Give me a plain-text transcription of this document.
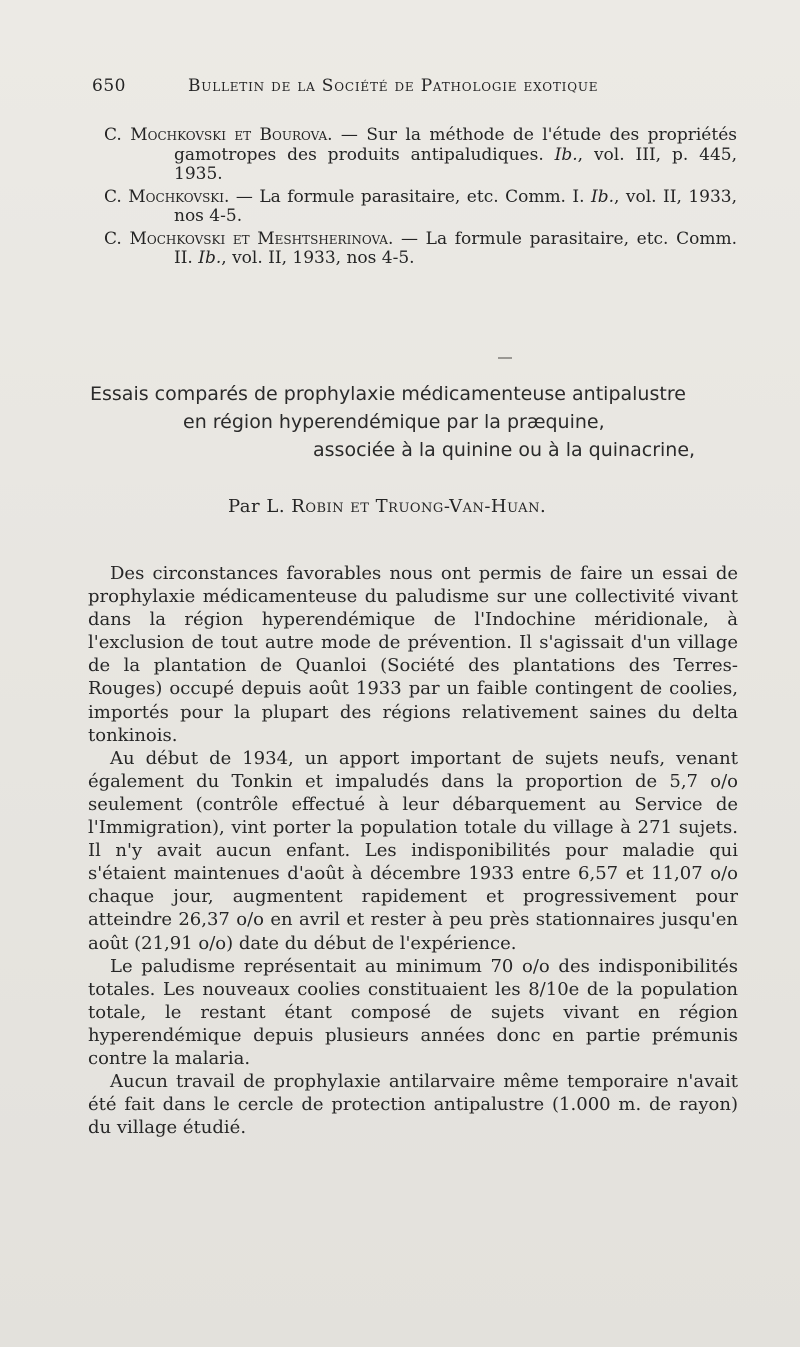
650	Bulletin de la Société de Pathologie exotique

C. Mochkovski et Bourova. — Sur la méthode de l'étude des propriétés gamotropes des produits antipaludiques. Ib., vol. III, p. 445, 1935.

C. Mochkovski. — La formule parasitaire, etc. Comm. I. Ib., vol. II, 1933, nos 4-5.

C. Mochkovski et Meshtsherinova. — La formule parasitaire, etc. Comm. II. Ib., vol. II, 1933, nos 4-5.

Essais comparés de prophylaxie médicamenteuse antipalustre
en région hyperendémique par la præquine,
associée à la quinine ou à la quinacrine,
Par L. Robin et Truong-Van-Huan.

Des circonstances favorables nous ont permis de faire un essai de prophylaxie médicamenteuse du paludisme sur une collectivité vivant dans la région hyperendémique de l'Indochine méridionale, à l'exclusion de tout autre mode de prévention. Il s'agissait d'un village de la plantation de Quanloi (Société des plantations des Terres-Rouges) occupé depuis août 1933 par un faible contingent de coolies, importés pour la plupart des régions relativement saines du delta tonkinois.

Au début de 1934, un apport important de sujets neufs, venant également du Tonkin et impaludés dans la proportion de 5,7 o/o seulement (contrôle effectué à leur débarquement au Service de l'Immigration), vint porter la population totale du village à 271 sujets. Il n'y avait aucun enfant. Les indisponibilités pour maladie qui s'étaient maintenues d'août à décembre 1933 entre 6,57 et 11,07 o/o chaque jour, augmentent rapidement et progressivement pour atteindre 26,37 o/o en avril et rester à peu près stationnaires jusqu'en août (21,91 o/o) date du début de l'expérience.

Le paludisme représentait au minimum 70 o/o des indisponibilités totales. Les nouveaux coolies constituaient les 8/10e de la population totale, le restant étant composé de sujets vivant en région hyperendémique depuis plusieurs années donc en partie prémunis contre la malaria.

Aucun travail de prophylaxie antilarvaire même temporaire n'avait été fait dans le cercle de protection antipalustre (1.000 m. de rayon) du village étudié.
